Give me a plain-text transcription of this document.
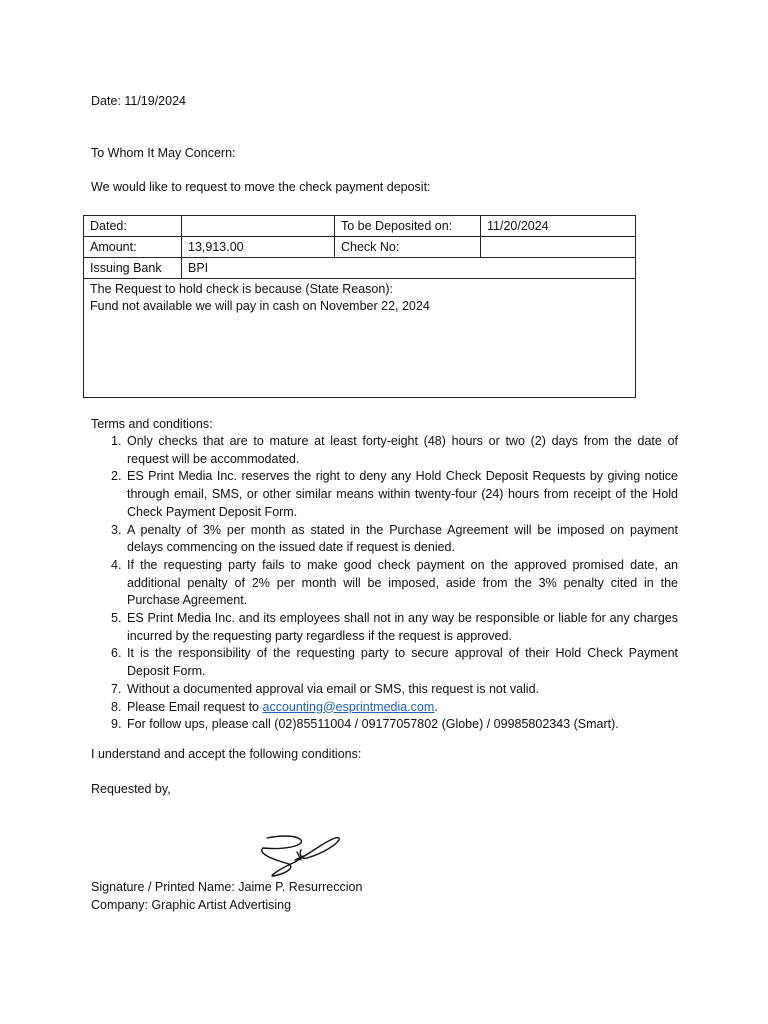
Date: 11/19/2024
To Whom It May Concern:
We would like to request to move the check payment deposit:
Dated:		To be Deposited on:	11/20/2024
Amount:	13,913.00	Check No:	
Issuing Bank	BPI		

The Request to hold check is because (State Reason):
Fund not available we will pay in cash on November 22, 2024			
Terms and conditions:
1. Only checks that are to mature at least forty-eight (48) hours or two (2) days from the date of request will be accommodated.
2. ES Print Media Inc. reserves the right to deny any Hold Check Deposit Requests by giving notice through email, SMS, or other similar means within twenty-four (24) hours from receipt of the Hold Check Payment Deposit Form.
3. A penalty of 3% per month as stated in the Purchase Agreement will be imposed on payment delays commencing on the issued date if request is denied.
4. If the requesting party fails to make good check payment on the approved promised date, an additional penalty of 2% per month will be imposed, aside from the 3% penalty cited in the Purchase Agreement.
5. ES Print Media Inc. and its employees shall not in any way be responsible or liable for any charges incurred by the requesting party regardless if the request is approved.
6. It is the responsibility of the requesting party to secure approval of their Hold Check Payment Deposit Form.
7. Without a documented approval via email or SMS, this request is not valid.
8. Please Email request to accounting@esprintmedia.com.
9. For follow ups, please call (02)85511004 / 09177057802 (Globe) / 09985802343 (Smart).
I understand and accept the following conditions:
Requested by,
Signature / Printed Name: Jaime P. Resurreccion
Company: Graphic Artist Advertising
